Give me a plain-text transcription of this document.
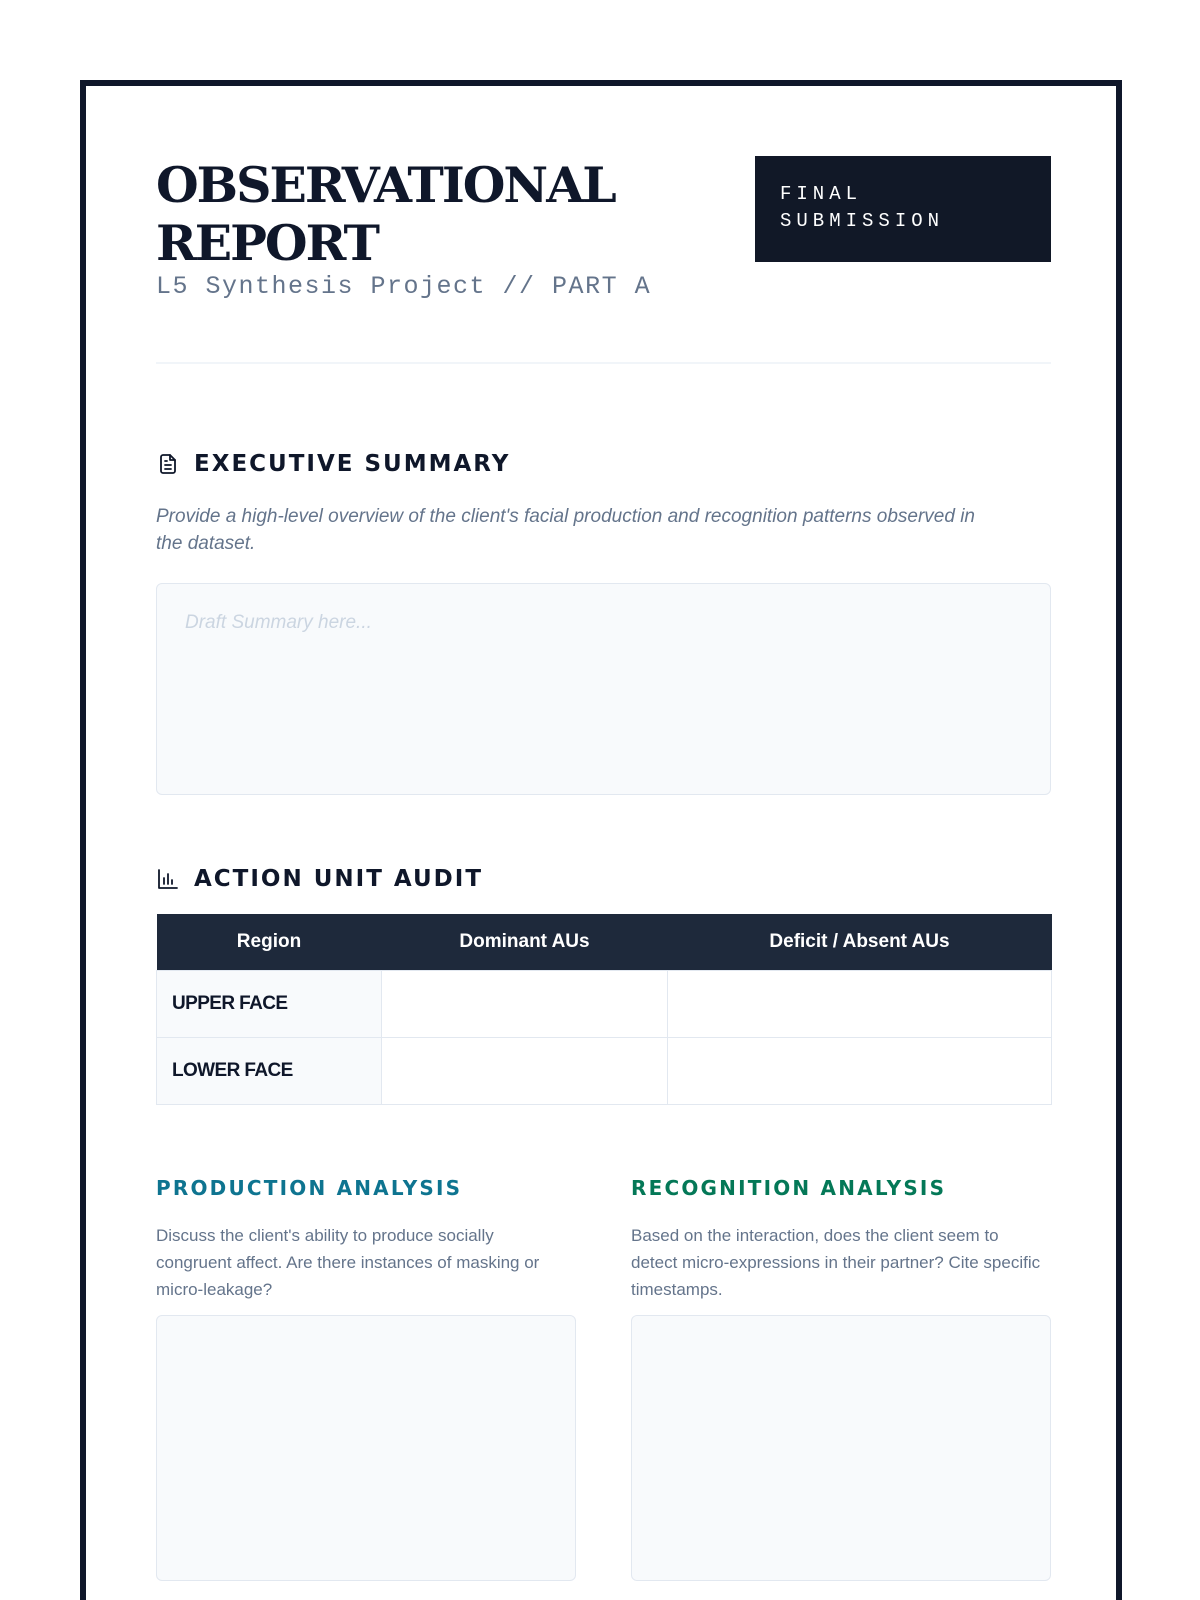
OBSERVATIONAL
REPORT
L5 Synthesis Project // PART A
FINAL
SUBMISSION
EXECUTIVE SUMMARY

Provide a high-level overview of the client's facial production and recognition patterns observed in the dataset.

Draft Summary here...
ACTION UNIT AUDIT
Region	Dominant AUs	Deficit / Absent AUs
UPPER FACE		
LOWER FACE		
PRODUCTION ANALYSIS

Discuss the client's ability to produce socially congruent affect. Are there instances of masking or micro-leakage?

RECOGNITION ANALYSIS

Based on the interaction, does the client seem to detect micro-expressions in their partner? Cite specific timestamps.
